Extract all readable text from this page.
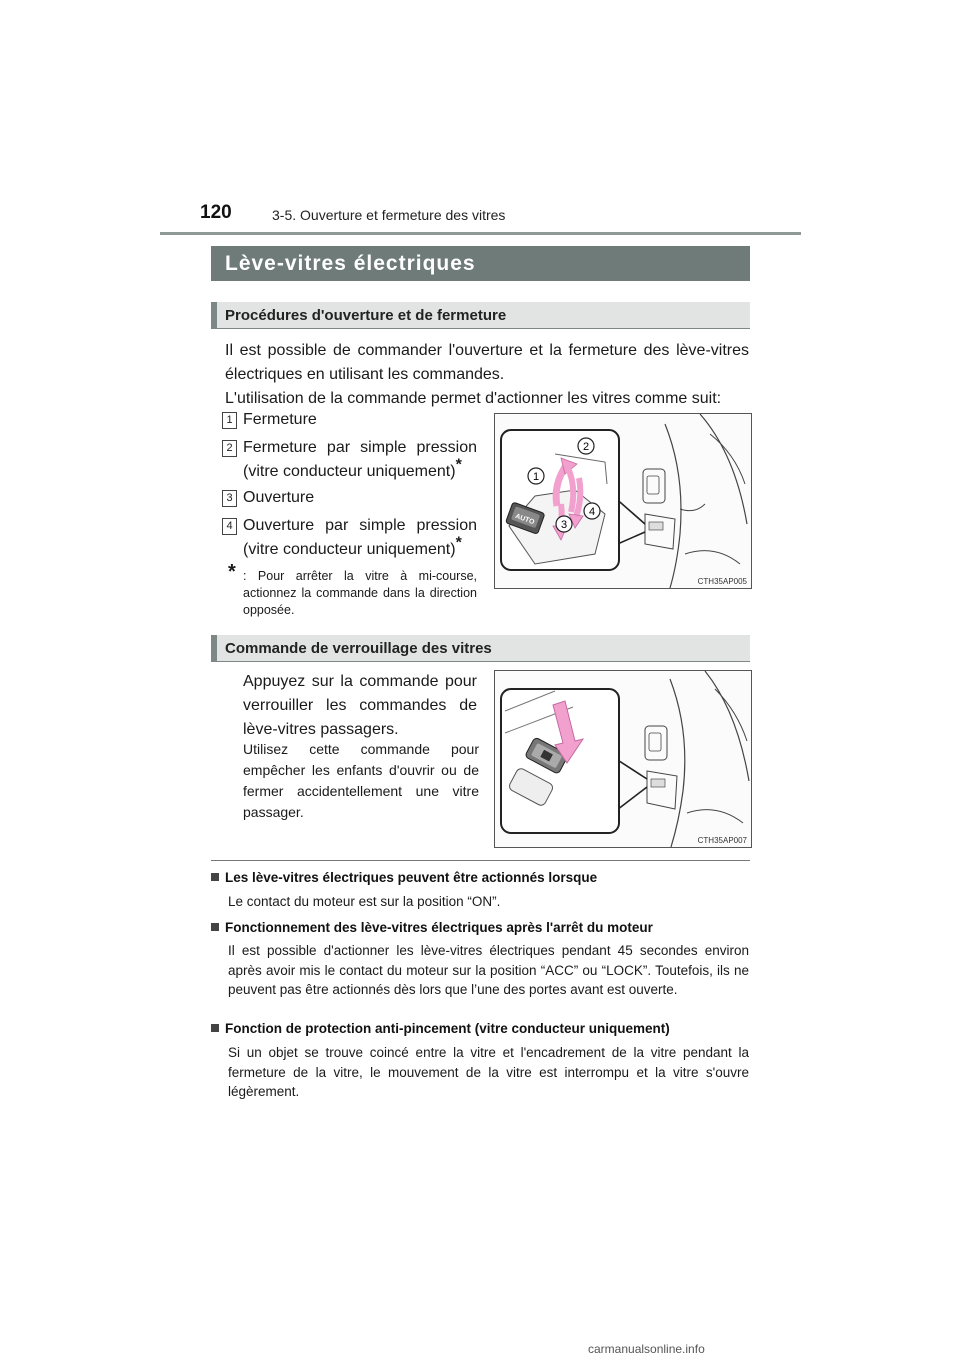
120	3-5. Ouverture et fermeture des vitres
Lève-vitres électriques
Procédures d'ouverture et de fermeture
Il est possible de commander l'ouverture et la fermeture des lève-vitres électriques en utilisant les commandes.
L'utilisation de la commande permet d'actionner les vitres comme suit:
1 Fermeture
2 Fermeture par simple pression (vitre conducteur uniquement)*
3 Ouverture
4 Ouverture par simple pression (vitre conducteur uniquement)*
* : Pour arrêter la vitre à mi-course, actionnez la commande dans la direction opposée.
AUTO
1
2
3
4
CTH35AP005
Commande de verrouillage des vitres
Appuyez sur la commande pour verrouiller les commandes de lève-vitres passagers.
Utilisez cette commande pour empêcher les enfants d'ouvrir ou de fermer accidentellement une vitre passager.
CTH35AP007
Les lève-vitres électriques peuvent être actionnés lorsque
Le contact du moteur est sur la position “ON”.
Fonctionnement des lève-vitres électriques après l'arrêt du moteur
Il est possible d'actionner les lève-vitres électriques pendant 45 secondes environ après avoir mis le contact du moteur sur la position “ACC” ou “LOCK”. Toutefois, ils ne peuvent pas être actionnés dès lors que l’une des portes avant est ouverte.
Fonction de protection anti-pincement (vitre conducteur uniquement)
Si un objet se trouve coincé entre la vitre et l'encadrement de la vitre pendant la fermeture de la vitre, le mouvement de la vitre est interrompu et la vitre s'ouvre légèrement.
carmanualsonline.info
